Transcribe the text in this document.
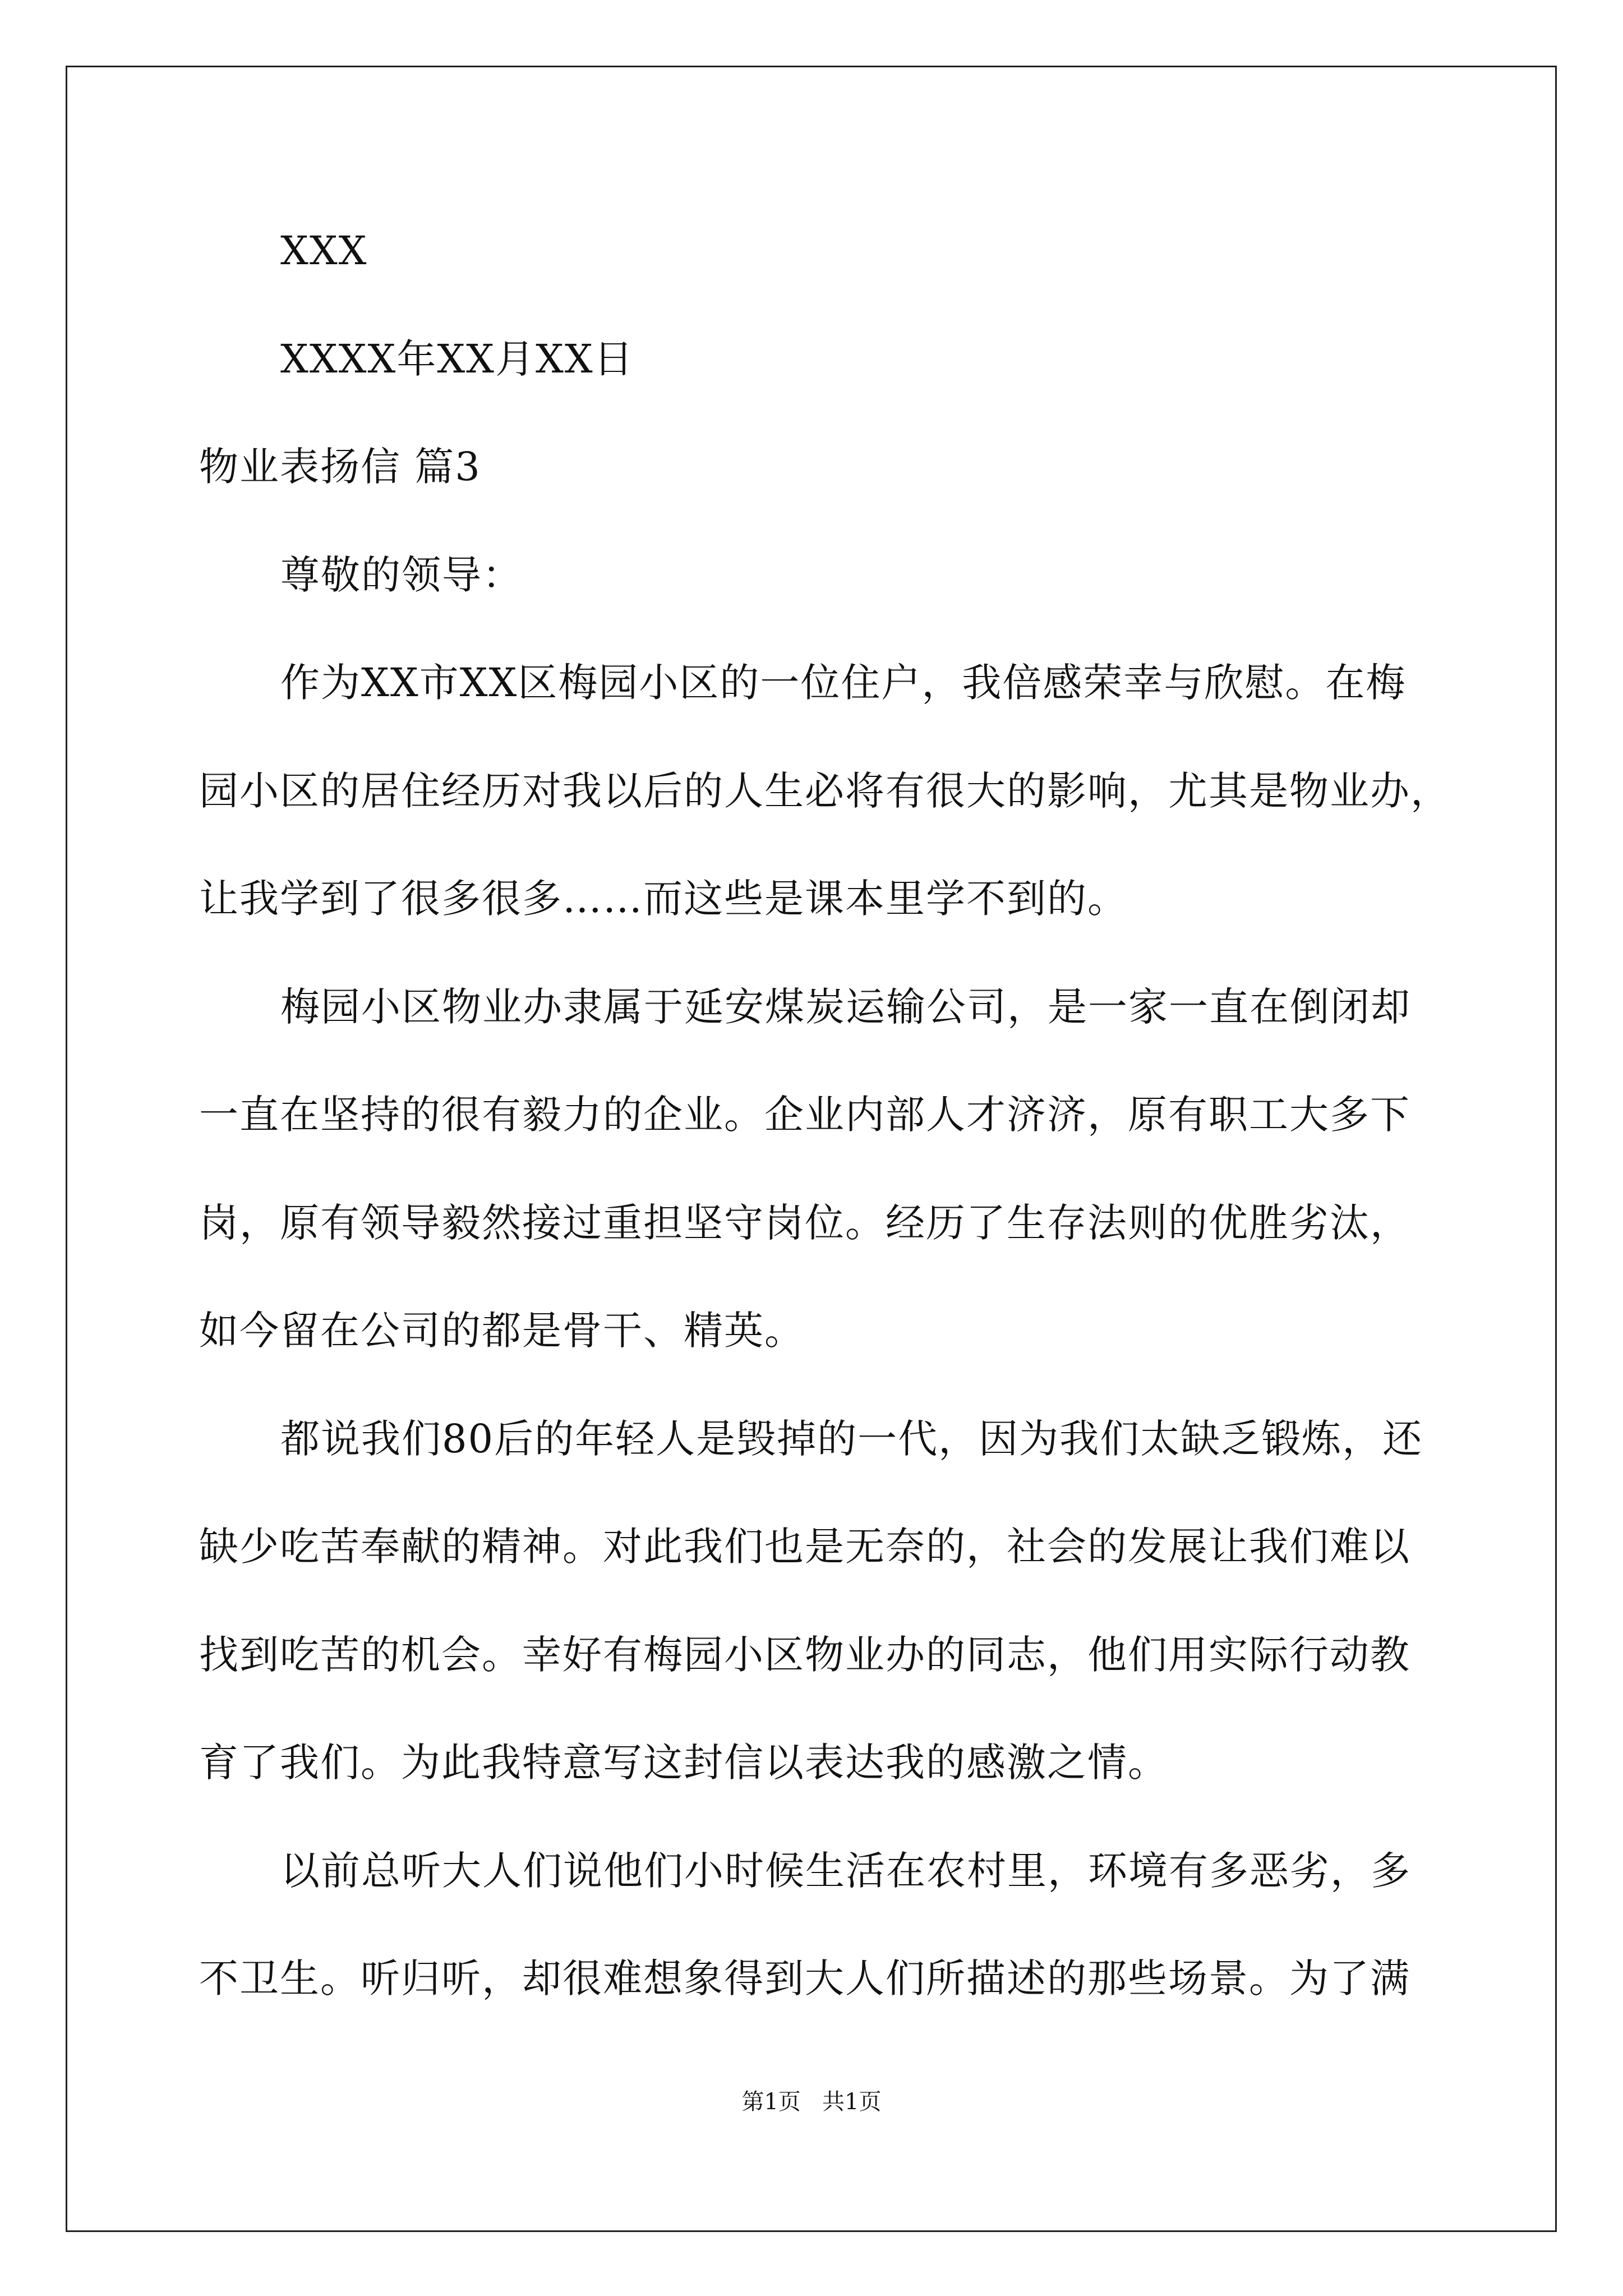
XXX
XXXX年XX月XX日
物业表扬信 篇3
尊敬的领导：
作为XX市XX区梅园小区的一位住户，我倍感荣幸与欣慰。在梅
园小区的居住经历对我以后的人生必将有很大的影响，尤其是物业办，
让我学到了很多很多……而这些是课本里学不到的。
梅园小区物业办隶属于延安煤炭运输公司，是一家一直在倒闭却
一直在坚持的很有毅力的企业。企业内部人才济济，原有职工大多下
岗，原有领导毅然接过重担坚守岗位。经历了生存法则的优胜劣汰，
如今留在公司的都是骨干、精英。
都说我们80后的年轻人是毁掉的一代，因为我们太缺乏锻炼，还
缺少吃苦奉献的精神。对此我们也是无奈的，社会的发展让我们难以
找到吃苦的机会。幸好有梅园小区物业办的同志，他们用实际行动教
育了我们。为此我特意写这封信以表达我的感激之情。
以前总听大人们说他们小时候生活在农村里，环境有多恶劣，多
不卫生。听归听，却很难想象得到大人们所描述的那些场景。为了满
第1页   共1页
